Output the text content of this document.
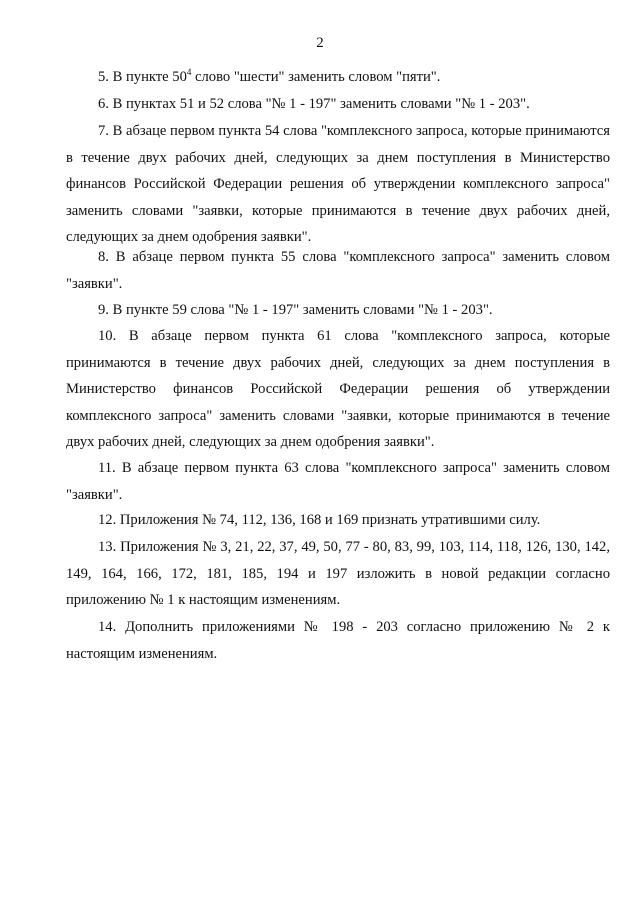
2

5. В пункте $50^4$ слово "шести" заменить словом "пяти".

6. В пунктах 51 и 52 слова "№ 1 - 197" заменить словами "№ 1 - 203".

7. В абзаце первом пункта 54 слова "комплексного запроса, которые принимаются в течение двух рабочих дней, следующих за днем поступления в Министерство финансов Российской Федерации решения об утверждении комплексного запроса" заменить словами "заявки, которые принимаются в течение двух рабочих дней, следующих за днем одобрения заявки".

8. В абзаце первом пункта 55 слова "комплексного запроса" заменить словом "заявки".

9. В пункте 59 слова "№ 1 - 197" заменить словами "№ 1 - 203".

10. В абзаце первом пункта 61 слова "комплексного запроса, которые принимаются в течение двух рабочих дней, следующих за днем поступления в Министерство финансов Российской Федерации решения об утверждении комплексного запроса" заменить словами "заявки, которые принимаются в течение двух рабочих дней, следующих за днем одобрения заявки".

11. В абзаце первом пункта 63 слова "комплексного запроса" заменить словом "заявки".

12. Приложения № 74, 112, 136, 168 и 169 признать утратившими силу.

13. Приложения № 3, 21, 22, 37, 49, 50, 77 - 80, 83, 99, 103, 114, 118, 126, 130, 142, 149, 164, 166, 172, 181, 185, 194 и 197 изложить в новой редакции согласно приложению № 1 к настоящим изменениям.

14. Дополнить приложениями № 198 - 203 согласно приложению № 2 к настоящим изменениям.
